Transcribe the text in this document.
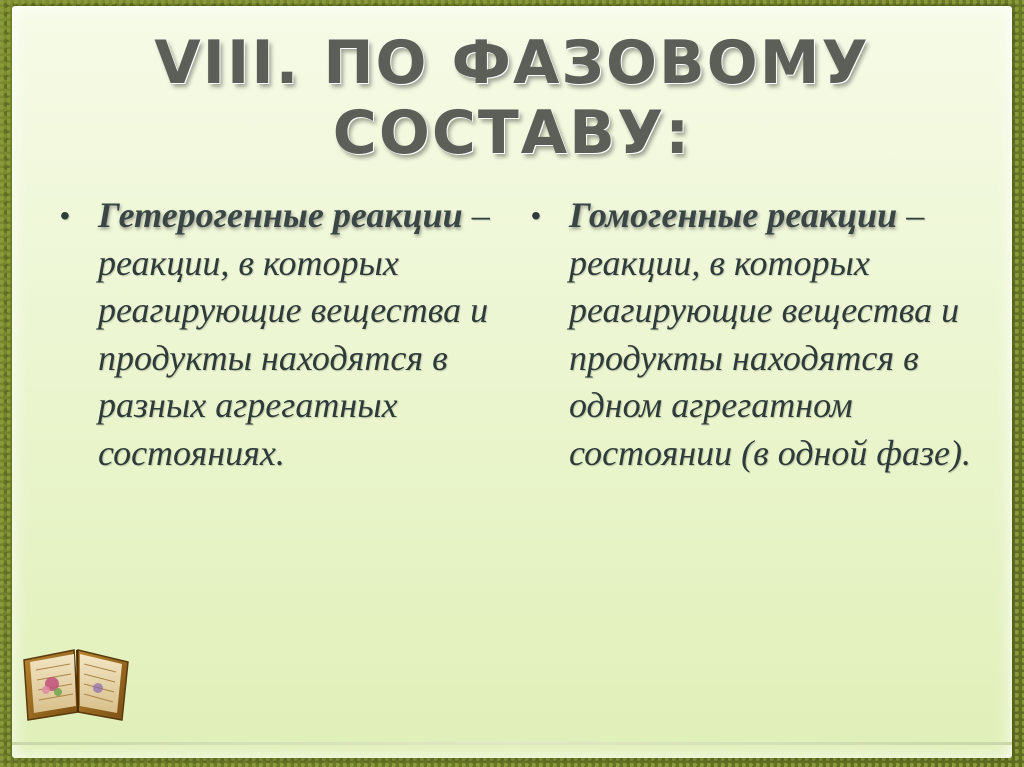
VIII. ПО ФАЗОВОМУ СОСТАВУ:
• Гетерогенные реакции – реакции, в которых реагирующие вещества и продукты находятся в разных агрегатных состояниях.
• Гомогенные реакции – реакции, в которых реагирующие вещества и продукты находятся в одном агрегатном состоянии (в одной фазе).
